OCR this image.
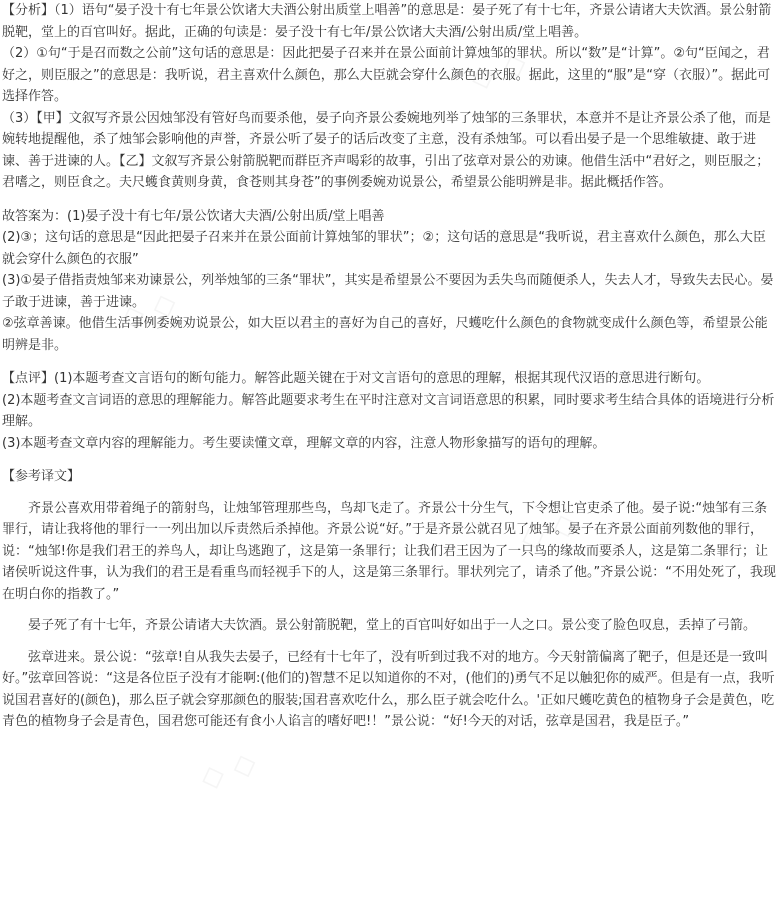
【分析】（1）语句“晏子没十有七年景公饮诸大夫酒公射出质堂上唱善”的意思是：晏子死了有十七年，齐景公请诸大夫饮酒。景公射箭脱靶，堂上的百官叫好。据此，正确的句读是：晏子没十有七年/景公饮诸大夫酒/公射出质/堂上唱善。

（2）①句“于是召而数之公前”这句话的意思是：因此把晏子召来并在景公面前计算烛邹的罪状。所以“数”是“计算”。②句“臣闻之，君好之，则臣服之”的意思是：我听说，君主喜欢什么颜色，那么大臣就会穿什么颜色的衣服。据此，这里的“服”是“穿（衣服）”。据此可选择作答。

（3）【甲】文叙写齐景公因烛邹没有管好鸟而要杀他，晏子向齐景公委婉地列举了烛邹的三条罪状，本意并不是让齐景公杀了他，而是婉转地提醒他，杀了烛邹会影响他的声誉，齐景公听了晏子的话后改变了主意，没有杀烛邹。可以看出晏子是一个思维敏捷、敢于进谏、善于进谏的人。【乙】文叙写齐景公射箭脱靶而群臣齐声喝彩的故事，引出了弦章对景公的劝谏。他借生活中“君好之，则臣服之；君嗜之，则臣食之。夫尺蠖食黄则身黄，食苍则其身苍”的事例委婉劝说景公，希望景公能明辨是非。据此概括作答。

故答案为：(1)晏子没十有七年/景公饮诸大夫酒/公射出质/堂上唱善

(2)③；这句话的意思是“因此把晏子召来并在景公面前计算烛邹的罪状”；②；这句话的意思是“我听说，君主喜欢什么颜色，那么大臣就会穿什么颜色的衣服”

(3)①晏子借指责烛邹来劝谏景公，列举烛邹的三条“罪状”，其实是希望景公不要因为丢失鸟而随便杀人，失去人才，导致失去民心。晏子敢于进谏，善于进谏。

②弦章善谏。他借生活事例委婉劝说景公，如大臣以君主的喜好为自己的喜好，尺蠖吃什么颜色的食物就变成什么颜色等，希望景公能明辨是非。

【点评】(1)本题考查文言语句的断句能力。解答此题关键在于对文言语句的意思的理解，根据其现代汉语的意思进行断句。

(2)本题考查文言词语的意思的理解能力。解答此题要求考生在平时注意对文言词语意思的积累，同时要求考生结合具体的语境进行分析理解。

(3)本题考查文章内容的理解能力。考生要读懂文章，理解文章的内容，注意人物形象描写的语句的理解。

【参考译文】

齐景公喜欢用带着绳子的箭射鸟，让烛邹管理那些鸟，鸟却飞走了。齐景公十分生气，下令想让官吏杀了他。晏子说:“烛邹有三条罪行，请让我将他的罪行一一列出加以斥责然后杀掉他。齐景公说“好。”于是齐景公就召见了烛邹。晏子在齐景公面前列数他的罪行，说：“烛邹!你是我们君王的养鸟人，却让鸟逃跑了，这是第一条罪行；让我们君王因为了一只鸟的缘故而要杀人，这是第二条罪行；让诸侯听说这件事，认为我们的君王是看重鸟而轻视手下的人，这是第三条罪行。罪状列完了，请杀了他。”齐景公说：“不用处死了，我现在明白你的指教了。”

晏子死了有十七年，齐景公请诸大夫饮酒。景公射箭脱靶，堂上的百官叫好如出于一人之口。景公变了脸色叹息，丢掉了弓箭。

弦章进来。景公说：“弦章!自从我失去晏子，已经有十七年了，没有听到过我不对的地方。今天射箭偏离了靶子，但是还是一致叫好。”弦章回答说：“这是各位臣子没有才能啊:(他们的)智慧不足以知道你的不对，(他们的)勇气不足以触犯你的威严。但是有一点，我听说国君喜好的(颜色)，那么臣子就会穿那颜色的服装;国君喜欢吃什么，那么臣子就会吃什么。'正如尺蠖吃黄色的植物身子会是黄色，吃青色的植物身子会是青色，国君您可能还有食小人谄言的嗜好吧!！”景公说：“好!今天的对话，弦章是国君，我是臣子。”

◇ ◇
◇ ◇
◇ ◇
◇ ◇
